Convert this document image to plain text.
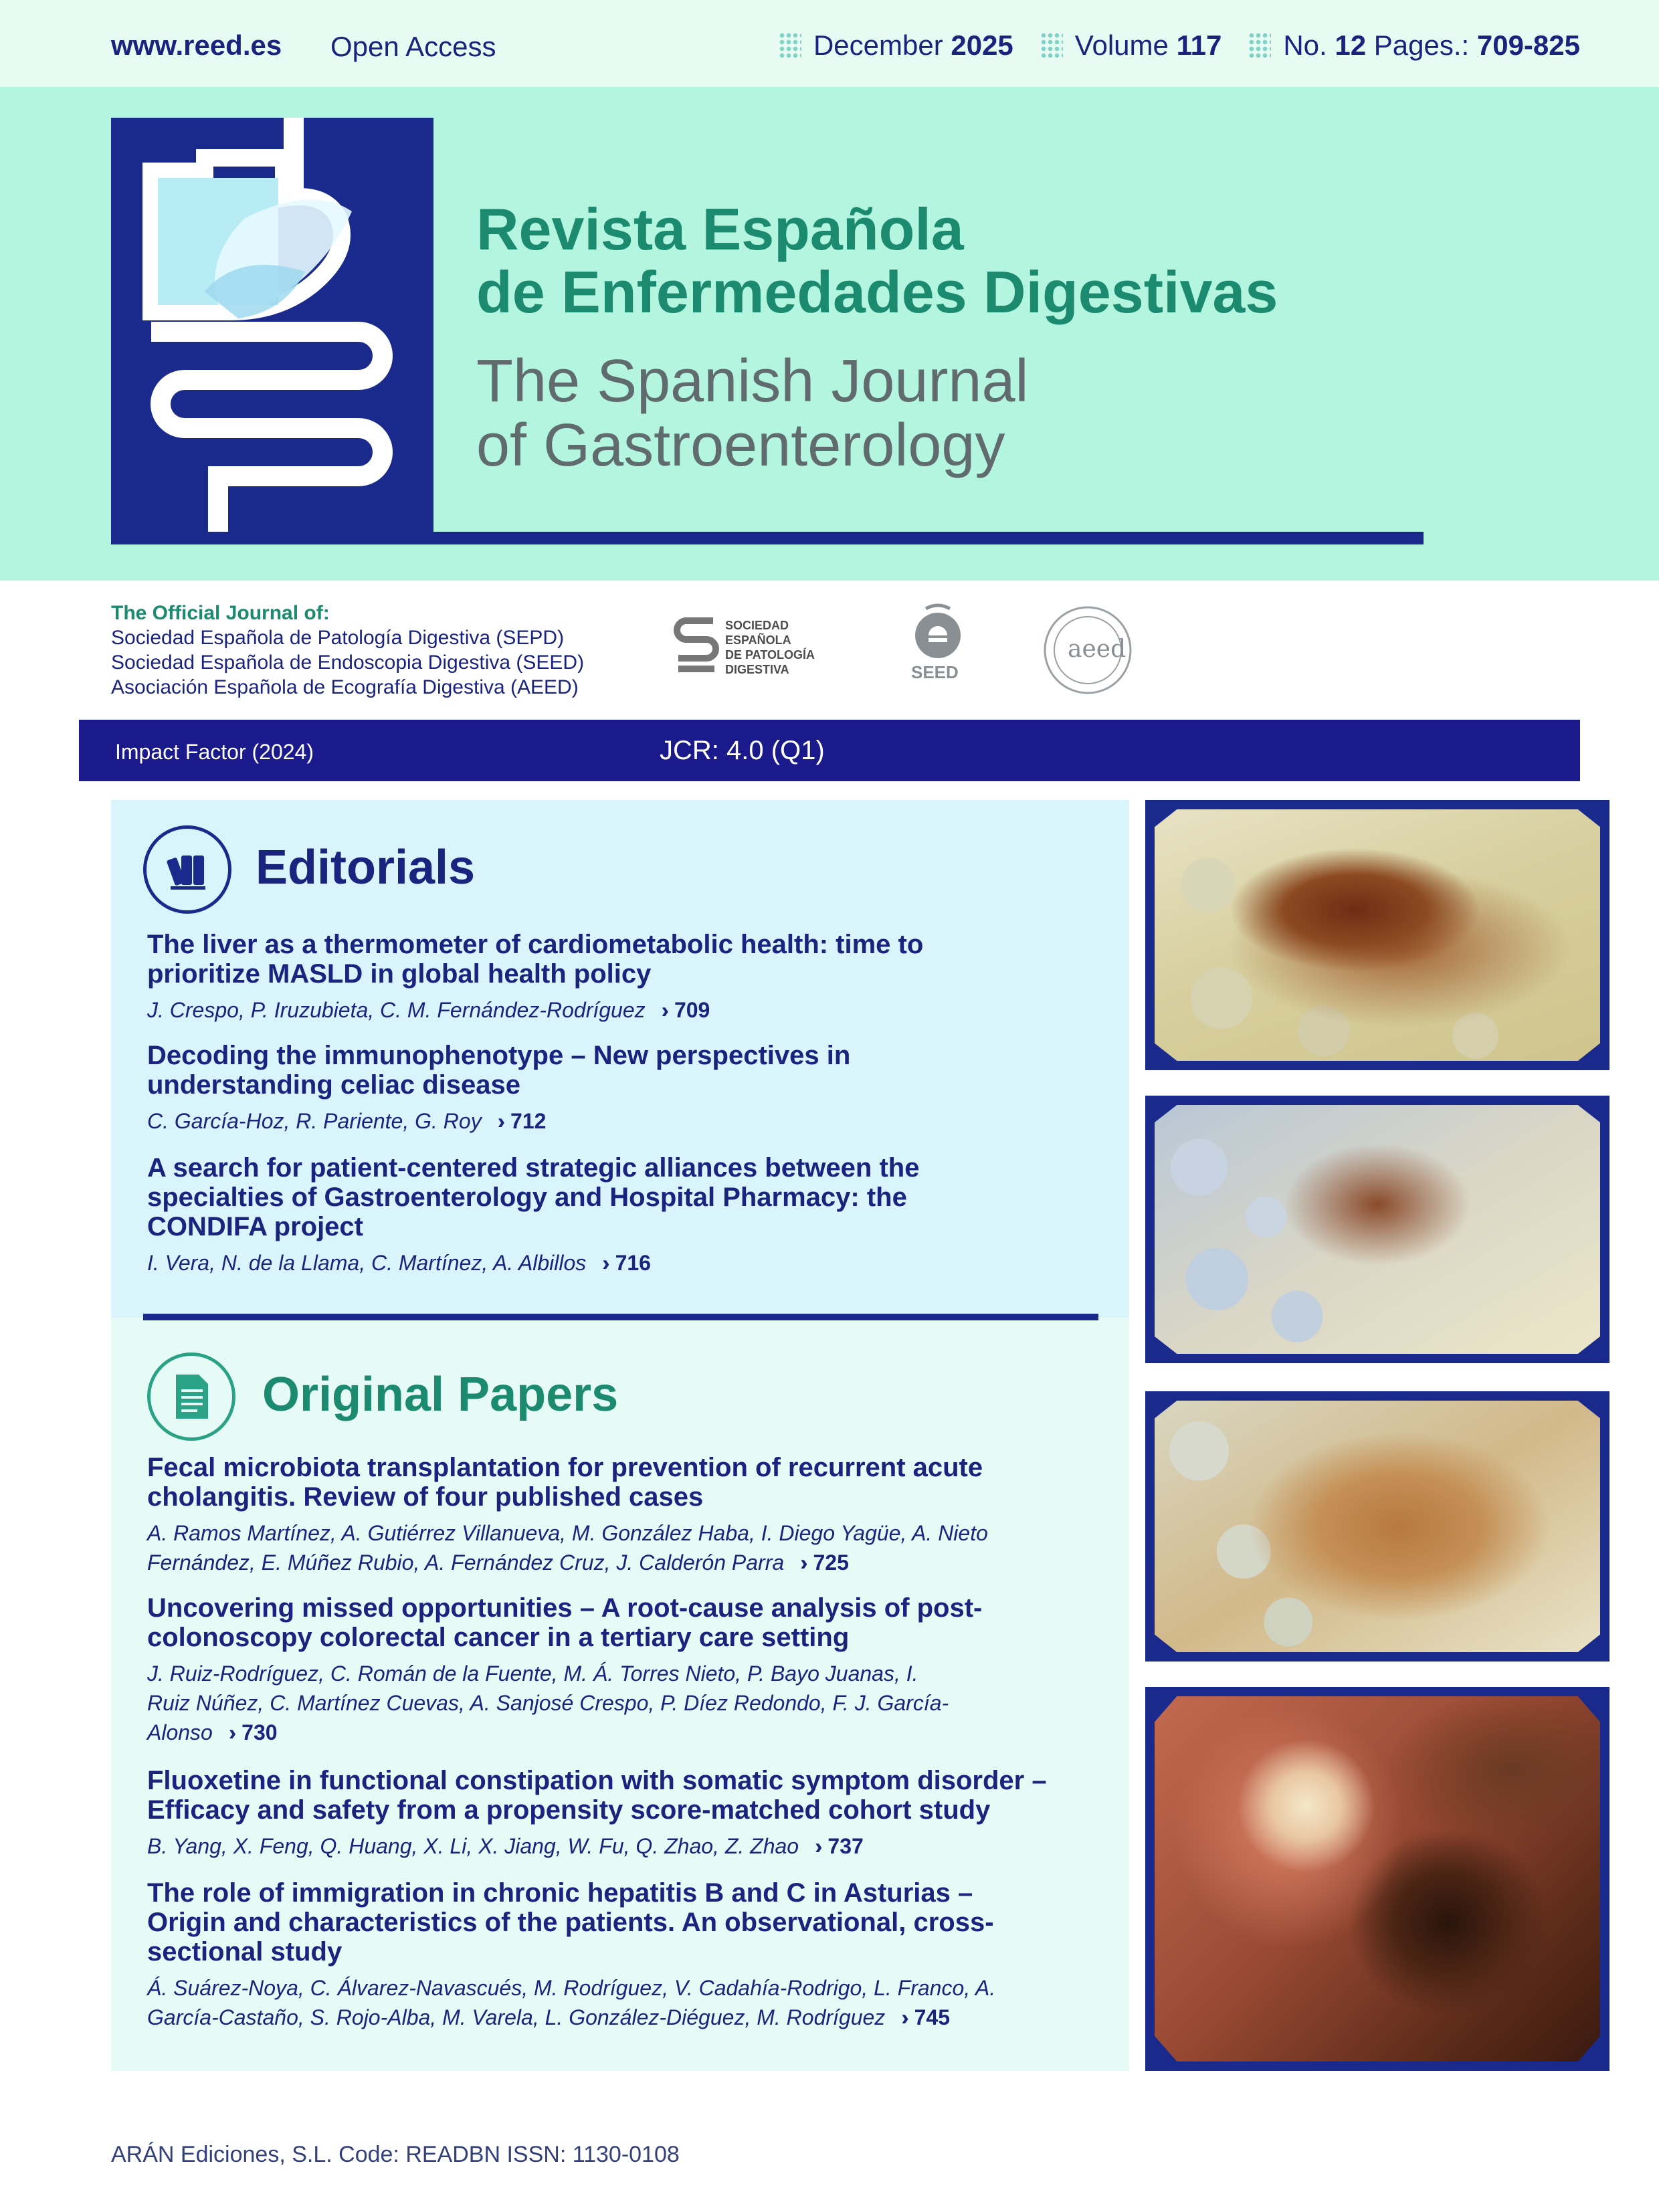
www.reed.es Open Access	December
2025 Volume
117 No.
12
Pages.:
709-825
Revista Española
de Enfermedades Digestivas
The Spanish Journal
of Gastroenterology
The Official Journal of:
Sociedad Española de Patología Digestiva (SEPD)
Sociedad Española de Endoscopia Digestiva (SEED)
Asociación Española de Ecografía Digestiva (AEED)
SOCIEDAD
ESPAÑOLA
DE PATOLOGÍA
DIGESTIVA	SEED
aeed
Impact Factor (2024)	JCR: 4.0 (Q1)
Editorials
The liver as a thermometer of cardiometabolic health: time to prioritize MASLD in global health policy
J. Crespo, P. Iruzubieta, C. M. Fernández-Rodríguez ›› 709
Decoding the immunophenotype – New perspectives in understanding celiac disease
C. García-Hoz, R. Pariente, G. Roy ›› 712
A search for patient-centered strategic alliances between the specialties of Gastroenterology and Hospital Pharmacy: the CONDIFA project
I. Vera, N. de la Llama, C. Martínez, A. Albillos ›› 716
Original Papers
Fecal microbiota transplantation for prevention of recurrent acute cholangitis. Review of four published cases
A. Ramos Martínez, A. Gutiérrez Villanueva, M. González Haba, I. Diego Yagüe, A. Nieto Fernández, E. Múñez Rubio, A. Fernández Cruz, J. Calderón Parra ›› 725
Uncovering missed opportunities – A root-cause analysis of post-colonoscopy colorectal cancer in a tertiary care setting
J. Ruiz-Rodríguez, C. Román de la Fuente, M. Á. Torres Nieto, P. Bayo Juanas, I. Ruiz Núñez, C. Martínez Cuevas, A. Sanjosé Crespo, P. Díez Redondo, F. J. García-Alonso ›› 730
Fluoxetine in functional constipation with somatic symptom disorder – Efficacy and safety from a propensity score-matched cohort study
B. Yang, X. Feng, Q. Huang, X. Li, X. Jiang, W. Fu, Q. Zhao, Z. Zhao ›› 737
The role of immigration in chronic hepatitis B and C in Asturias – Origin and characteristics of the patients. An observational, cross-sectional study
Á. Suárez-Noya, C. Álvarez-Navascués, M. Rodríguez, V. Cadahía-Rodrigo, L. Franco, A. García-Castaño, S. Rojo-Alba, M. Varela, L. González-Diéguez, M. Rodríguez ›› 745
ARÁN Ediciones, S.L. Code: READBN ISSN: 1130-0108
